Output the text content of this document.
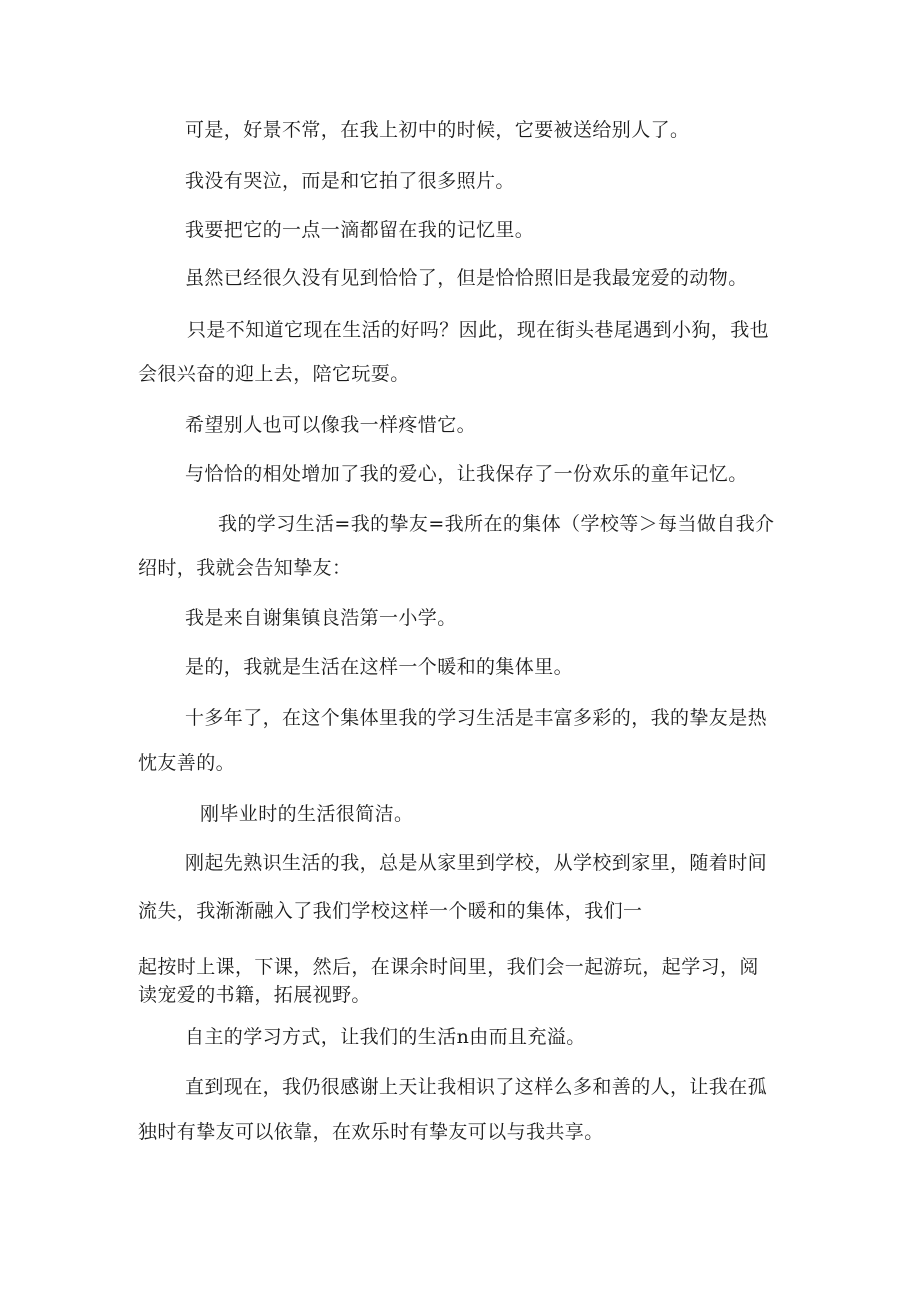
可是，好景不常，在我上初中的时候，它要被送给别人了。

我没有哭泣，而是和它拍了很多照片。

我要把它的一点一滴都留在我的记忆里。

虽然已经很久没有见到恰恰了，但是恰恰照旧是我最宠爱的动物。

只是不知道它现在生活的好吗？因此，现在街头巷尾遇到小狗，我也

会很兴奋的迎上去，陪它玩耍。

希望别人也可以像我一样疼惜它。

与恰恰的相处增加了我的爱心，让我保存了一份欢乐的童年记忆。

我的学习生活=我的挚友=我所在的集体（学校等＞每当做自我介

绍时，我就会告知挚友：

我是来自谢集镇良浩第一小学。

是的，我就是生活在这样一个暖和的集体里。

十多年了，在这个集体里我的学习生活是丰富多彩的，我的挚友是热

忱友善的。

刚毕业时的生活很简洁。

刚起先熟识生活的我，总是从家里到学校，从学校到家里，随着时间

流失，我渐渐融入了我们学校这样一个暖和的集体，我们一

起按时上课，下课，然后，在课余时间里，我们会一起游玩，起学习，阅

读宠爱的书籍，拓展视野。

自主的学习方式，让我们的生活n由而且充溢。

直到现在，我仍很感谢上天让我相识了这样么多和善的人，让我在孤

独时有挚友可以依靠，在欢乐时有挚友可以与我共享。
